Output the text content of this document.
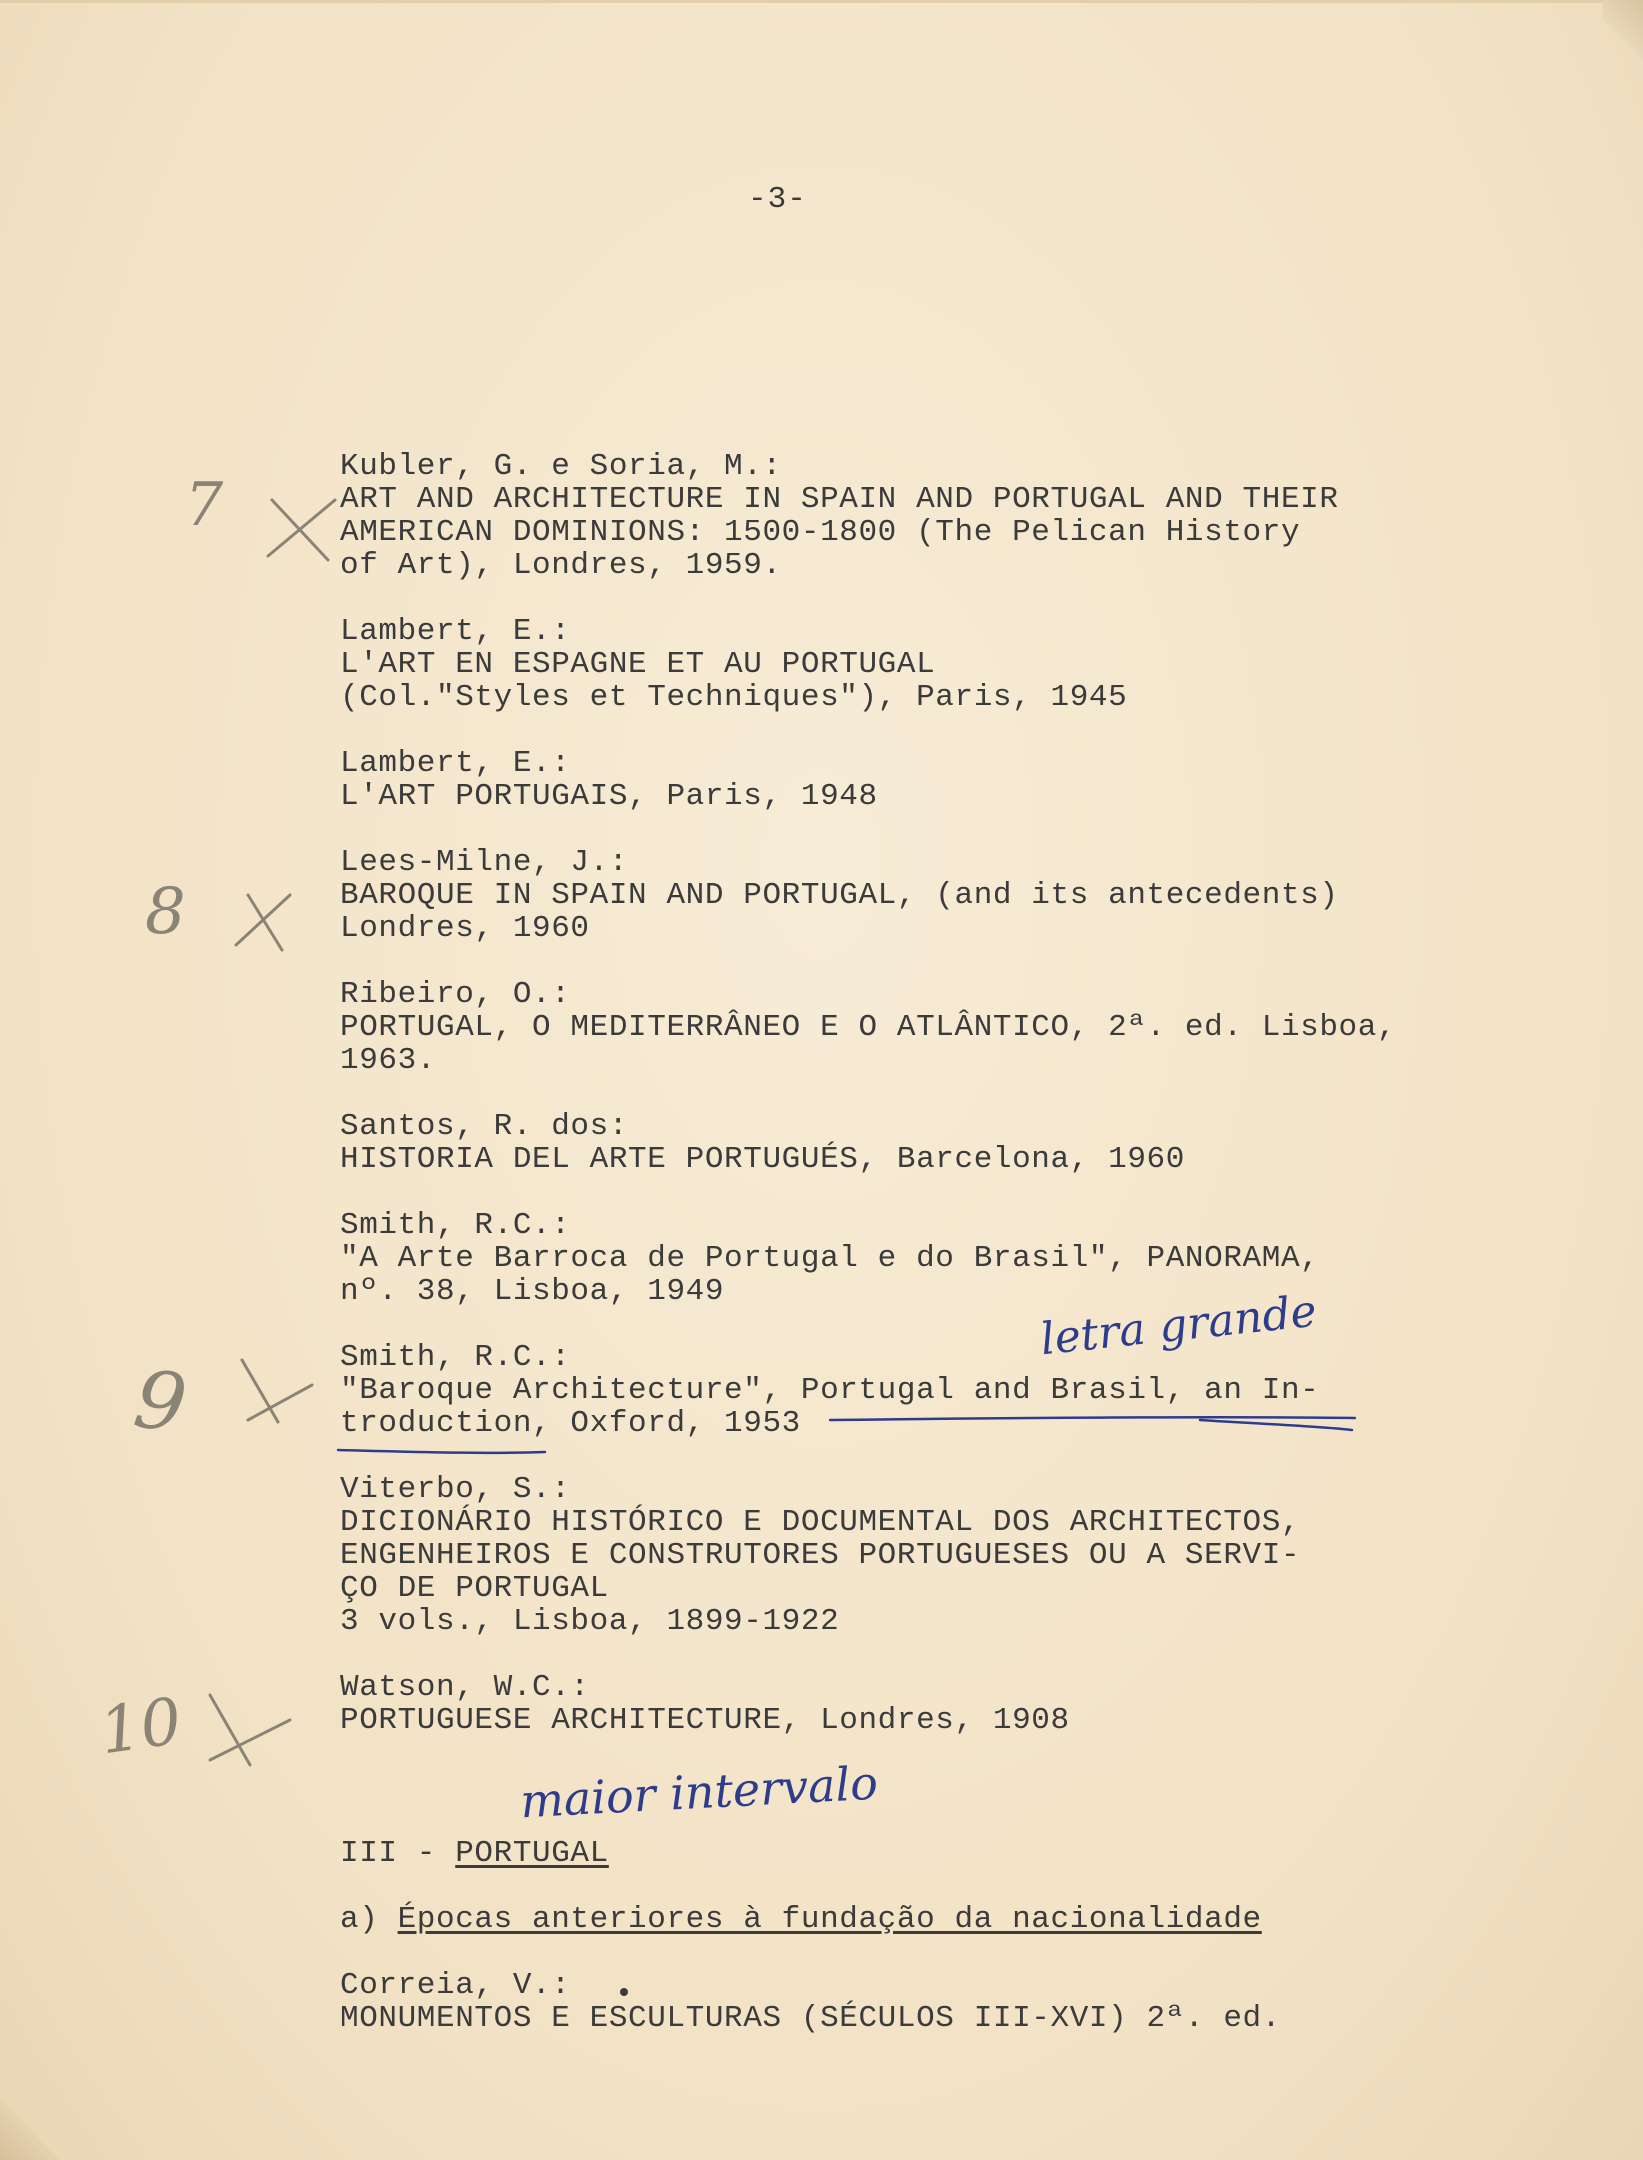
-3-
Kubler, G. e Soria, M.:
ART AND ARCHITECTURE IN SPAIN AND PORTUGAL AND THEIR
AMERICAN DOMINIONS: 1500-1800 (The Pelican History
of Art), Londres, 1959.
Lambert, E.:
L'ART EN ESPAGNE ET AU PORTUGAL
(Col."Styles et Techniques"), Paris, 1945
Lambert, E.:
L'ART PORTUGAIS, Paris, 1948
Lees-Milne, J.:
BAROQUE IN SPAIN AND PORTUGAL, (and its antecedents)
Londres, 1960
Ribeiro, O.:
PORTUGAL, O MEDITERRÂNEO E O ATLÂNTICO, 2ª. ed. Lisboa,
1963.
Santos, R. dos:
HISTORIA DEL ARTE PORTUGUÉS, Barcelona, 1960
Smith, R.C.:
"A Arte Barroca de Portugal e do Brasil", PANORAMA,
nº. 38, Lisboa, 1949
Smith, R.C.:
"Baroque Architecture", Portugal and Brasil, an In-
troduction, Oxford, 1953
Viterbo, S.:
DICIONÁRIO HISTÓRICO E DOCUMENTAL DOS ARCHITECTOS,
ENGENHEIROS E CONSTRUTORES PORTUGUESES OU A SERVI-
ÇO DE PORTUGAL
3 vols., Lisboa, 1899-1922
Watson, W.C.:
PORTUGUESE ARCHITECTURE, Londres, 1908
III - PORTUGAL
a) Épocas anteriores à fundação da nacionalidade
Correia, V.:
MONUMENTOS E ESCULTURAS (SÉCULOS III-XVI) 2ª. ed.
letra grande
maior intervalo
7
8
9
10
